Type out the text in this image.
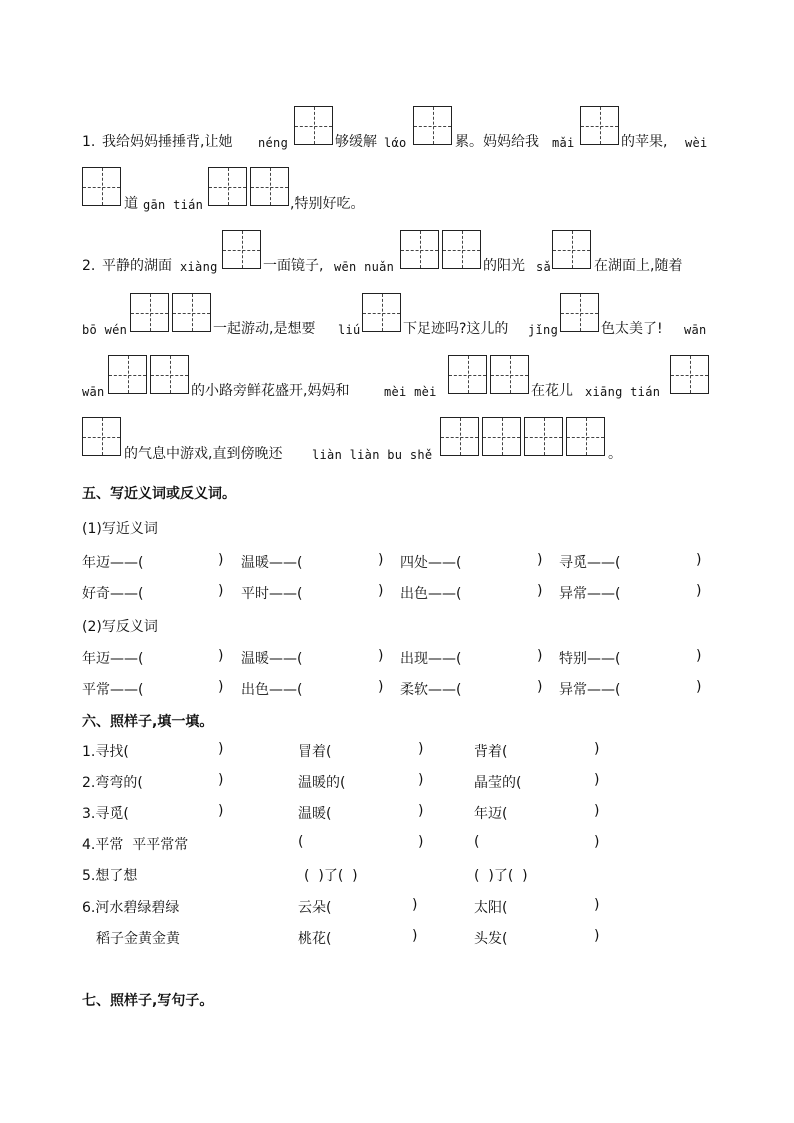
1. 我给妈妈捶捶背,让她 néng	够缓解 lάo	累。妈妈给我 mǎi	的苹果, wèi
道 gān tián	,特别好吃。
2. 平静的湖面 xiàng	一面镜子, wēn nuǎn	的阳光 sǎ	在湖面上,随着
bō wén	一起游动,是想要 liú	下足迹吗?这儿的 jǐng	色太美了! wān
wān	的小路旁鲜花盛开,妈妈和	mèi mèi	在花儿 xiāng tián
的气息中游戏,直到傍晚还 liàn liàn bu shě	。
五、写近义词或反义词。
(1)写近义词
年迈——(	) 温暖——(	) 四处——(	) 寻觅——(	)
好奇——(	) 平时——(	) 出色——(	) 异常——(	)
(2)写反义词
年迈——(	) 温暖——(	) 出现——(	) 特别——(	)
平常——(	) 出色——(	) 柔软——(	) 异常——(	)
六、照样子,填一填。
1.寻找(	)	冒着(	)	背着(	)
2.弯弯的(	)	温暖的(	)	晶莹的(	)
3.寻觅(	)	温暖(	)	年迈(	)
4.平常  平平常常	(	)	(	)
5.想了想	(  )了(  )	(  )了(  )
6.河水碧绿碧绿	云朵(	)	太阳(	)
稻子金黄金黄	桃花(	)	头发(	)
七、照样子,写句子。
